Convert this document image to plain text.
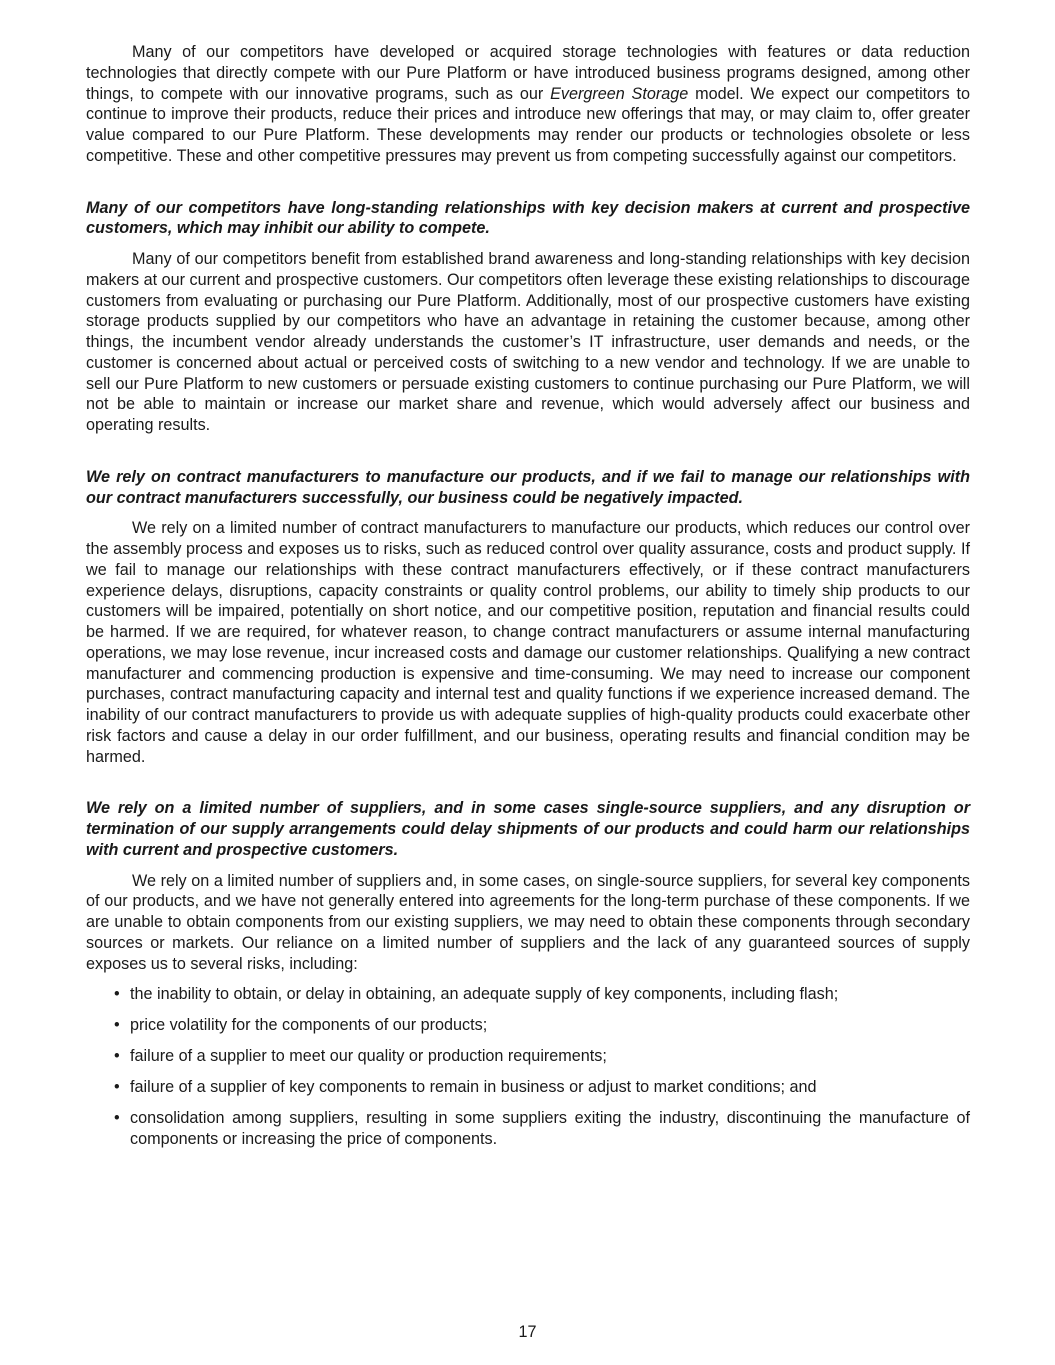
Many of our competitors have developed or acquired storage technologies with features or data reduction technologies that directly compete with our Pure Platform or have introduced business programs designed, among other things, to compete with our innovative programs, such as our Evergreen Storage model. We expect our competitors to continue to improve their products, reduce their prices and introduce new offerings that may, or may claim to, offer greater value compared to our Pure Platform. These developments may render our products or technologies obsolete or less competitive. These and other competitive pressures may prevent us from competing successfully against our competitors.

Many of our competitors have long-standing relationships with key decision makers at current and prospective customers, which may inhibit our ability to compete.

Many of our competitors benefit from established brand awareness and long-standing relationships with key decision makers at our current and prospective customers. Our competitors often leverage these existing relationships to discourage customers from evaluating or purchasing our Pure Platform. Additionally, most of our prospective customers have existing storage products supplied by our competitors who have an advantage in retaining the customer because, among other things, the incumbent vendor already understands the customer’s IT infrastructure, user demands and needs, or the customer is concerned about actual or perceived costs of switching to a new vendor and technology. If we are unable to sell our Pure Platform to new customers or persuade existing customers to continue purchasing our Pure Platform, we will not be able to maintain or increase our market share and revenue, which would adversely affect our business and operating results.

We rely on contract manufacturers to manufacture our products, and if we fail to manage our relationships with our contract manufacturers successfully, our business could be negatively impacted.

We rely on a limited number of contract manufacturers to manufacture our products, which reduces our control over the assembly process and exposes us to risks, such as reduced control over quality assurance, costs and product supply. If we fail to manage our relationships with these contract manufacturers effectively, or if these contract manufacturers experience delays, disruptions, capacity constraints or quality control problems, our ability to timely ship products to our customers will be impaired, potentially on short notice, and our competitive position, reputation and financial results could be harmed. If we are required, for whatever reason, to change contract manufacturers or assume internal manufacturing operations, we may lose revenue, incur increased costs and damage our customer relationships. Qualifying a new contract manufacturer and commencing production is expensive and time-consuming. We may need to increase our component purchases, contract manufacturing capacity and internal test and quality functions if we experience increased demand. The inability of our contract manufacturers to provide us with adequate supplies of high-quality products could exacerbate other risk factors and cause a delay in our order fulfillment, and our business, operating results and financial condition may be harmed.

We rely on a limited number of suppliers, and in some cases single-source suppliers, and any disruption or termination of our supply arrangements could delay shipments of our products and could harm our relationships with current and prospective customers.

We rely on a limited number of suppliers and, in some cases, on single-source suppliers, for several key components of our products, and we have not generally entered into agreements for the long-term purchase of these components. If we are unable to obtain components from our existing suppliers, we may need to obtain these components through secondary sources or markets. Our reliance on a limited number of suppliers and the lack of any guaranteed sources of supply exposes us to several risks, including:

• the inability to obtain, or delay in obtaining, an adequate supply of key components, including flash;
• price volatility for the components of our products;
• failure of a supplier to meet our quality or production requirements;
• failure of a supplier of key components to remain in business or adjust to market conditions; and
• consolidation among suppliers, resulting in some suppliers exiting the industry, discontinuing the manufacture of components or increasing the price of components.
17
